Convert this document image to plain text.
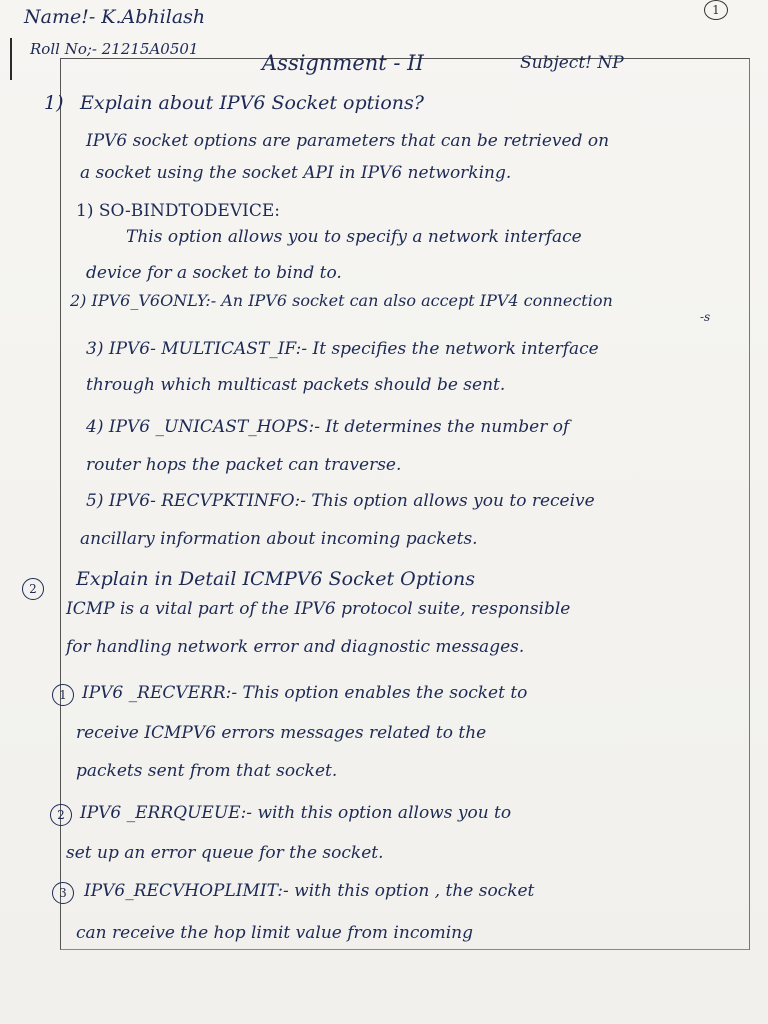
Name!- K.Abhilash	1
Roll No;- 21215A0501
Assignment - II	Subject! NP
1) Explain about IPV6 Socket options?
IPV6 socket options are parameters that can be retrieved on
a socket using the socket API in IPV6 networking.
1) SO-BINDTODEVICE:
This option allows you to specify a network interface
device for a socket to bind to.
2) IPV6_V6ONLY:- An IPV6 socket can also accept IPV4 connection
-s
3) IPV6- MULTICAST_IF:- It specifies the network interface
through which multicast packets should be sent.
4) IPV6 _UNICAST_HOPS:- It determines the number of
router hops the packet can traverse.
5) IPV6- RECVPKTINFO:- This option allows you to receive
ancillary information about incoming packets.
2	Explain in Detail ICMPV6 Socket Options
ICMP is a vital part of the IPV6 protocol suite, responsible
for handling network error and diagnostic messages.
1 IPV6 _RECVERR:- This option enables the socket to
receive ICMPV6 errors messages related to the
packets sent from that socket.
2 IPV6 _ERRQUEUE:- with this option allows you to
set up an error queue for the socket.
3	IPV6_RECVHOPLIMIT:- with this option , the socket
can receive the hop limit value from incoming
